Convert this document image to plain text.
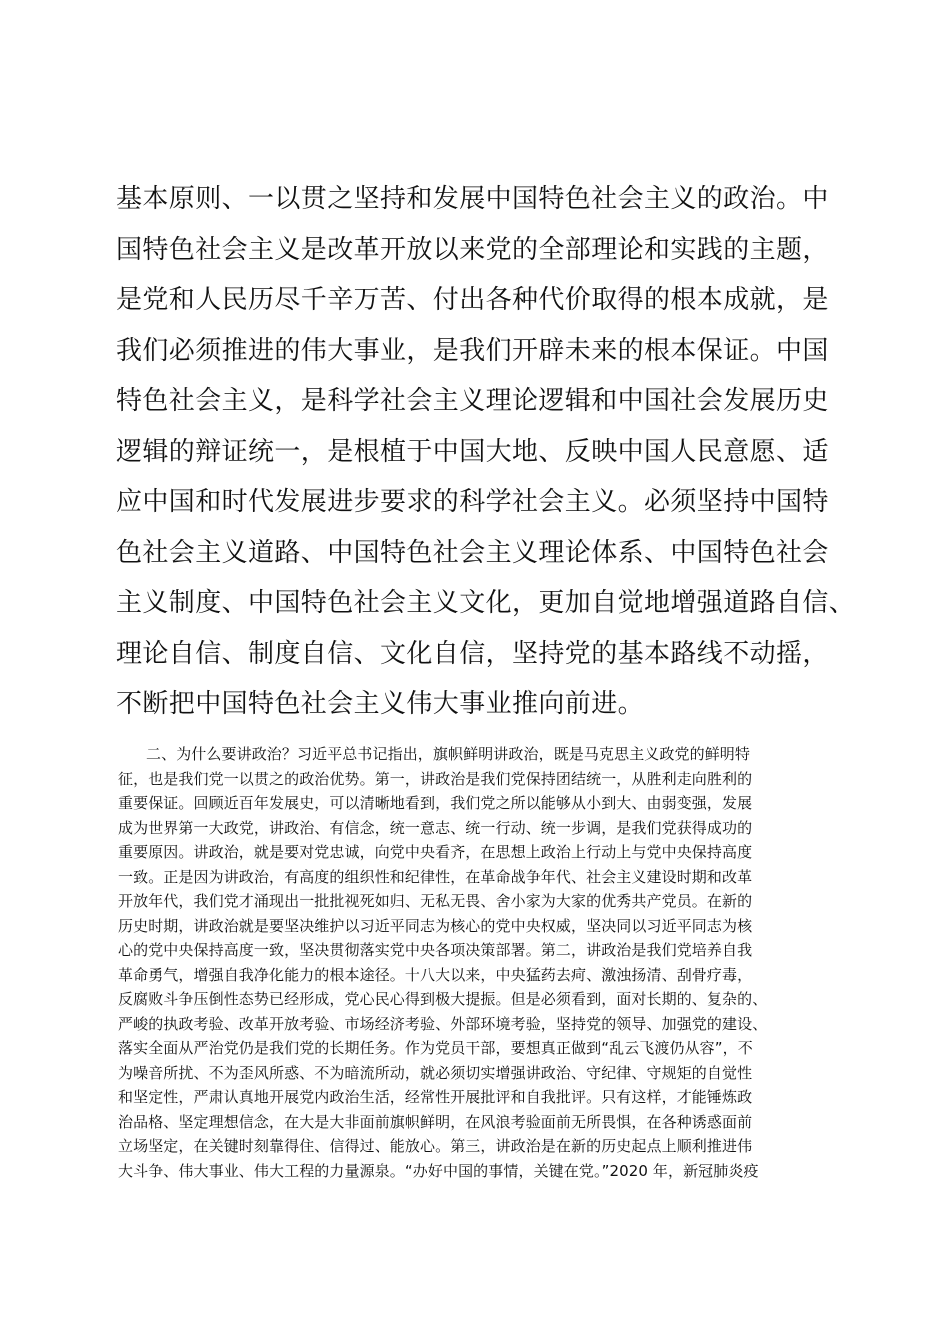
基本原则、一以贯之坚持和发展中国特色社会主义的政治。中
国特色社会主义是改革开放以来党的全部理论和实践的主题，
是党和人民历尽千辛万苦、付出各种代价取得的根本成就，是
我们必须推进的伟大事业，是我们开辟未来的根本保证。中国
特色社会主义，是科学社会主义理论逻辑和中国社会发展历史
逻辑的辩证统一，是根植于中国大地、反映中国人民意愿、适
应中国和时代发展进步要求的科学社会主义。必须坚持中国特
色社会主义道路、中国特色社会主义理论体系、中国特色社会
主义制度、中国特色社会主义文化，更加自觉地增强道路自信、
理论自信、制度自信、文化自信，坚持党的基本路线不动摇，
不断把中国特色社会主义伟大事业推向前进。
二、为什么要讲政治？习近平总书记指出，旗帜鲜明讲政治，既是马克思主义政党的鲜明特
征，也是我们党一以贯之的政治优势。第一，讲政治是我们党保持团结统一，从胜利走向胜利的
重要保证。回顾近百年发展史，可以清晰地看到，我们党之所以能够从小到大、由弱变强，发展
成为世界第一大政党，讲政治、有信念，统一意志、统一行动、统一步调，是我们党获得成功的
重要原因。讲政治，就是要对党忠诚，向党中央看齐，在思想上政治上行动上与党中央保持高度
一致。正是因为讲政治，有高度的组织性和纪律性，在革命战争年代、社会主义建设时期和改革
开放年代，我们党才涌现出一批批视死如归、无私无畏、舍小家为大家的优秀共产党员。在新的
历史时期，讲政治就是要坚决维护以习近平同志为核心的党中央权威，坚决同以习近平同志为核
心的党中央保持高度一致，坚决贯彻落实党中央各项决策部署。第二，讲政治是我们党培养自我
革命勇气，增强自我净化能力的根本途径。十八大以来，中央猛药去疴、激浊扬清、刮骨疗毒，
反腐败斗争压倒性态势已经形成，党心民心得到极大提振。但是必须看到，面对长期的、复杂的、
严峻的执政考验、改革开放考验、市场经济考验、外部环境考验，坚持党的领导、加强党的建设、
落实全面从严治党仍是我们党的长期任务。作为党员干部，要想真正做到“乱云飞渡仍从容”，不
为噪音所扰、不为歪风所惑、不为暗流所动，就必须切实增强讲政治、守纪律、守规矩的自觉性
和坚定性，严肃认真地开展党内政治生活，经常性开展批评和自我批评。只有这样，才能锤炼政
治品格、坚定理想信念，在大是大非面前旗帜鲜明，在风浪考验面前无所畏惧，在各种诱惑面前
立场坚定，在关键时刻靠得住、信得过、能放心。第三，讲政治是在新的历史起点上顺利推进伟
大斗争、伟大事业、伟大工程的力量源泉。“办好中国的事情，关键在党。”2020 年，新冠肺炎疫
